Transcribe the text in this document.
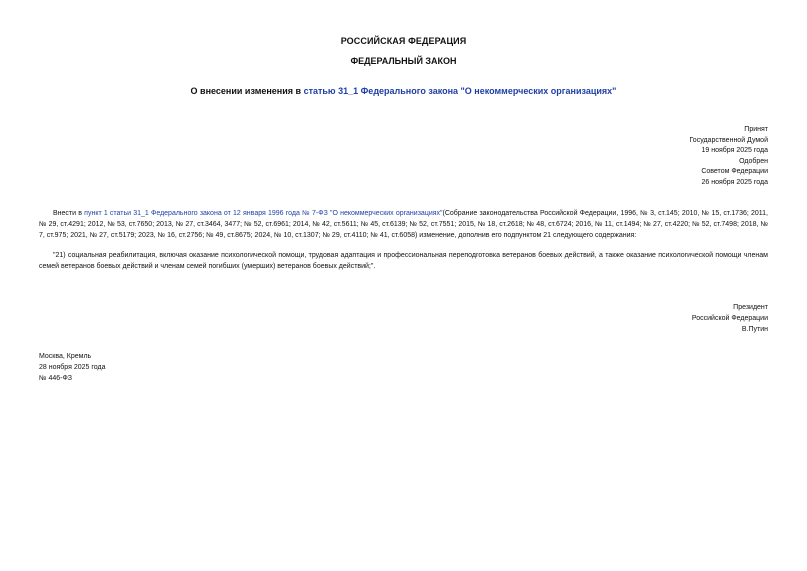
РОССИЙСКАЯ ФЕДЕРАЦИЯ
ФЕДЕРАЛЬНЫЙ ЗАКОН
О внесении изменения в статью 31_1 Федерального закона "О некоммерческих организациях"
Принят
Государственной Думой
19 ноября 2025 года
Одобрен
Советом Федерации
26 ноября 2025 года
Внести в пункт 1 статьи 31_1 Федерального закона от 12 января 1996 года № 7-ФЗ "О некоммерческих организациях"(Собрание законодательства Российской Федерации, 1996, № 3, ст.145; 2010, № 15, ст.1736; 2011, № 29, ст.4291; 2012, № 53, ст.7650; 2013, № 27, ст.3464, 3477; № 52, ст.6961; 2014, № 42, ст.5611; № 45, ст.6139; № 52, ст.7551; 2015, № 18, ст.2618; № 48, ст.6724; 2016, № 11, ст.1494; № 27, ст.4220; № 52, ст.7498; 2018, № 7, ст.975; 2021, № 27, ст.5179; 2023, № 16, ст.2756; № 49, ст.8675; 2024, № 10, ст.1307; № 29, ст.4110; № 41, ст.6058) изменение, дополнив его подпунктом 21 следующего содержания:
"21) социальная реабилитация, включая оказание психологической помощи, трудовая адаптация и профессиональная переподготовка ветеранов боевых действий, а также оказание психологической помощи членам семей ветеранов боевых действий и членам семей погибших (умерших) ветеранов боевых действий;".
Президент
Российской Федерации
В.Путин
Москва, Кремль
28 ноября 2025 года
№ 446-ФЗ
